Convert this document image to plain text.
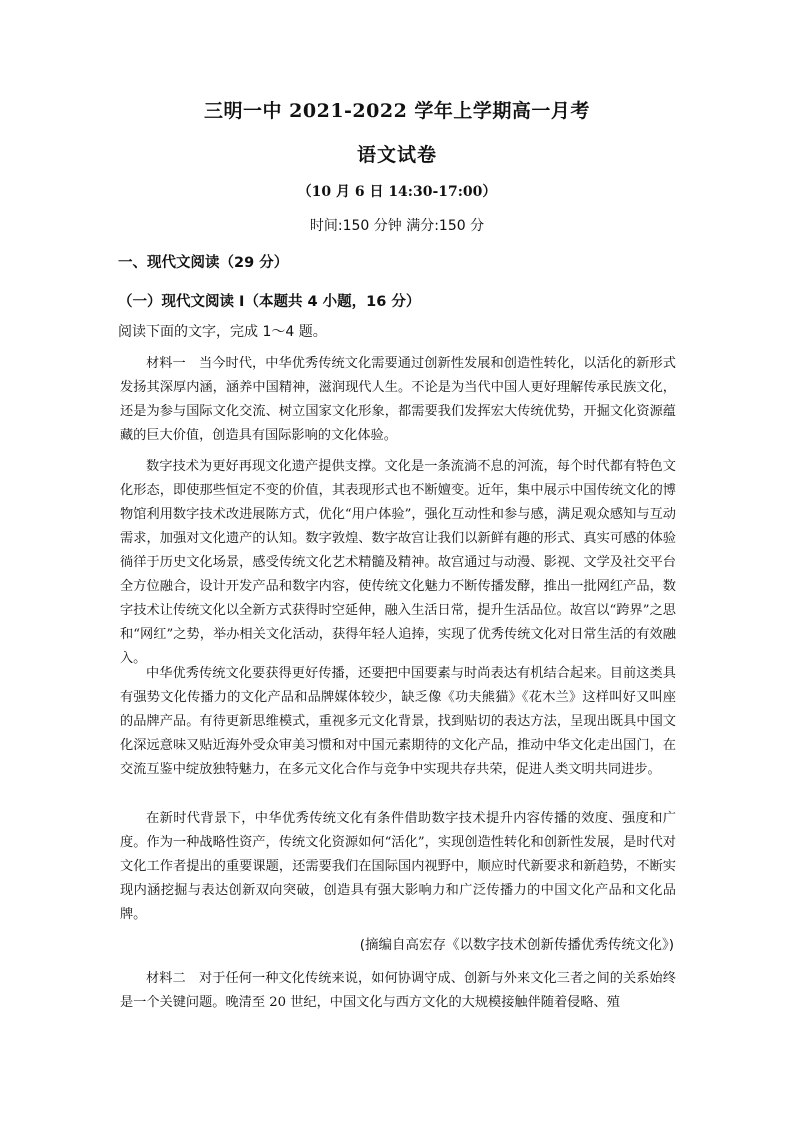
三明一中 2021-2022 学年上学期高一月考
语文试卷
（10 月 6 日 14:30-17:00）
时间:150 分钟 满分:150 分
一、现代文阅读（29 分）
（一）现代文阅读 I（本题共 4 小题，16 分）
阅读下面的文字，完成 1～4 题。
材料一　当今时代，中华优秀传统文化需要通过创新性发展和创造性转化，以活化的新形式发扬其深厚内涵，涵养中国精神，滋润现代人生。不论是为当代中国人更好理解传承民族文化，还是为参与国际文化交流、树立国家文化形象，都需要我们发挥宏大传统优势，开掘文化资源蕴藏的巨大价值，创造具有国际影响的文化体验。
数字技术为更好再现文化遗产提供支撑。文化是一条流淌不息的河流，每个时代都有特色文化形态，即使那些恒定不变的价值，其表现形式也不断嬗变。近年，集中展示中国传统文化的博物馆利用数字技术改进展陈方式，优化“用户体验”，强化互动性和参与感，满足观众感知与互动需求，加强对文化遗产的认知。数字敦煌、数字故宫让我们以新鲜有趣的形式、真实可感的体验徜徉于历史文化场景，感受传统文化艺术精髓及精神。故宫通过与动漫、影视、文学及社交平台全方位融合，设计开发产品和数字内容，使传统文化魅力不断传播发酵，推出一批网红产品，数字技术让传统文化以全新方式获得时空延伸，融入生活日常，提升生活品位。故宫以“跨界”之思和“网红”之势，举办相关文化活动，获得年轻人追捧，实现了优秀传统文化对日常生活的有效融入。
中华优秀传统文化要获得更好传播，还要把中国要素与时尚表达有机结合起来。目前这类具有强势文化传播力的文化产品和品牌媒体较少，缺乏像《功夫熊猫》《花木兰》这样叫好又叫座的品牌产品。有待更新思维模式，重视多元文化背景，找到贴切的表达方法，呈现出既具中国文化深远意味又贴近海外受众审美习惯和对中国元素期待的文化产品，推动中华文化走出国门，在交流互鉴中绽放独特魅力，在多元文化合作与竞争中实现共存共荣，促进人类文明共同进步。
在新时代背景下，中华优秀传统文化有条件借助数字技术提升内容传播的效度、强度和广度。作为一种战略性资产，传统文化资源如何“活化”，实现创造性转化和创新性发展，是时代对文化工作者提出的重要课题，还需要我们在国际国内视野中，顺应时代新要求和新趋势，不断实现内涵挖掘与表达创新双向突破，创造具有强大影响力和广泛传播力的中国文化产品和文化品牌。
(摘编自高宏存《以数字技术创新传播优秀传统文化》)
材料二　对于任何一种文化传统来说，如何协调守成、创新与外来文化三者之间的关系始终是一个关键问题。晚清至 20 世纪，中国文化与西方文化的大规模接触伴随着侵略、殖
